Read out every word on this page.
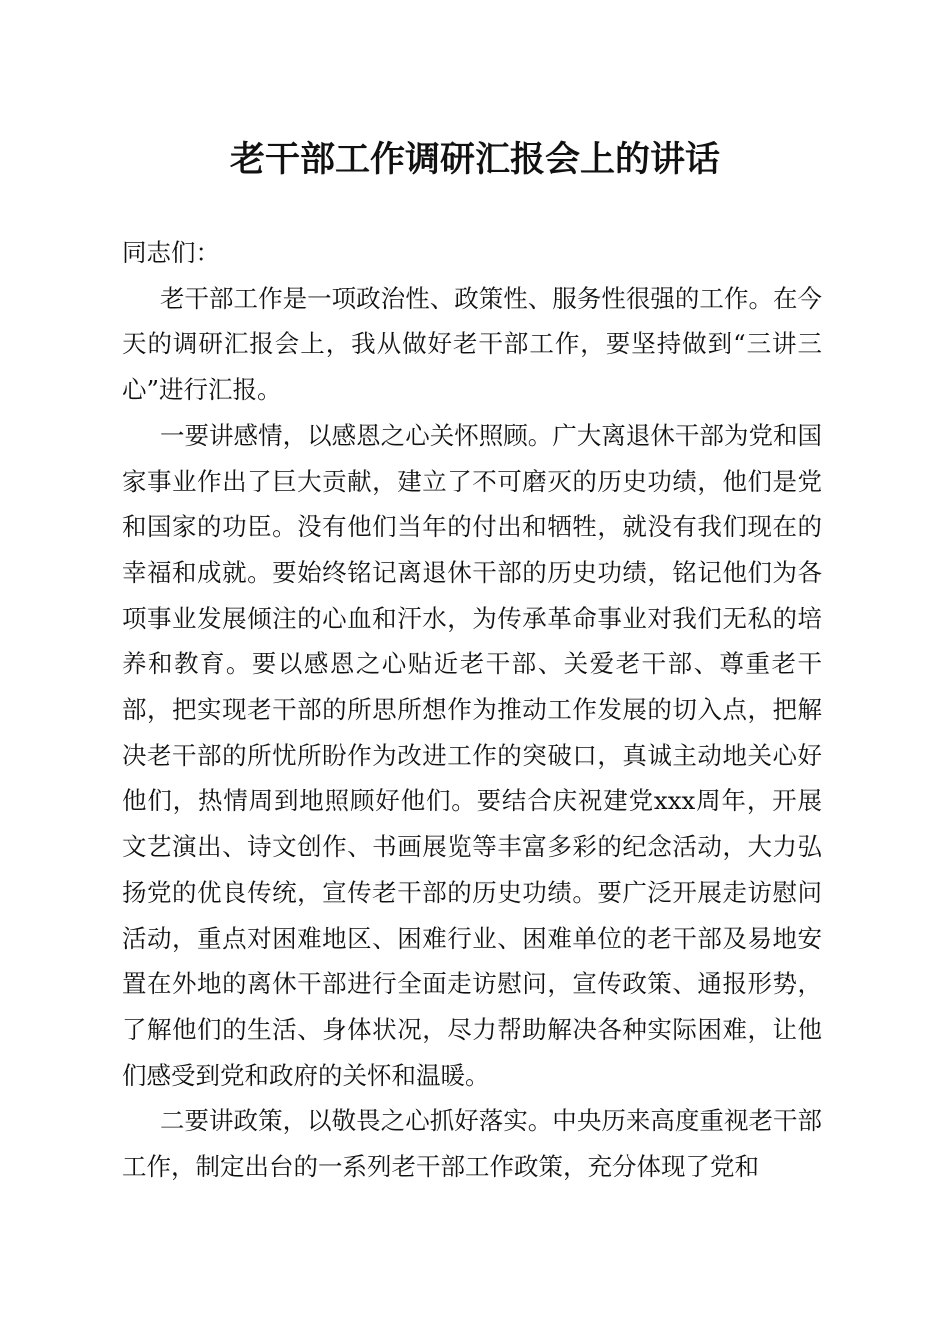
老干部工作调研汇报会上的讲话

同志们：

老干部工作是一项政治性、政策性、服务性很强的工作。在今天的调研汇报会上，我从做好老干部工作，要坚持做到“三讲三心”进行汇报。

一要讲感情，以感恩之心关怀照顾。广大离退休干部为党和国家事业作出了巨大贡献，建立了不可磨灭的历史功绩，他们是党和国家的功臣。没有他们当年的付出和牺牲，就没有我们现在的幸福和成就。要始终铭记离退休干部的历史功绩，铭记他们为各项事业发展倾注的心血和汗水，为传承革命事业对我们无私的培养和教育。要以感恩之心贴近老干部、关爱老干部、尊重老干部，把实现老干部的所思所想作为推动工作发展的切入点，把解决老干部的所忧所盼作为改进工作的突破口，真诚主动地关心好他们，热情周到地照顾好他们。要结合庆祝建党xxx周年，开展文艺演出、诗文创作、书画展览等丰富多彩的纪念活动，大力弘扬党的优良传统，宣传老干部的历史功绩。要广泛开展走访慰问活动，重点对困难地区、困难行业、困难单位的老干部及易地安置在外地的离休干部进行全面走访慰问，宣传政策、通报形势，了解他们的生活、身体状况，尽力帮助解决各种实际困难，让他们感受到党和政府的关怀和温暖。

二要讲政策，以敬畏之心抓好落实。中央历来高度重视老干部工作，制定出台的一系列老干部工作政策，充分体现了党和
